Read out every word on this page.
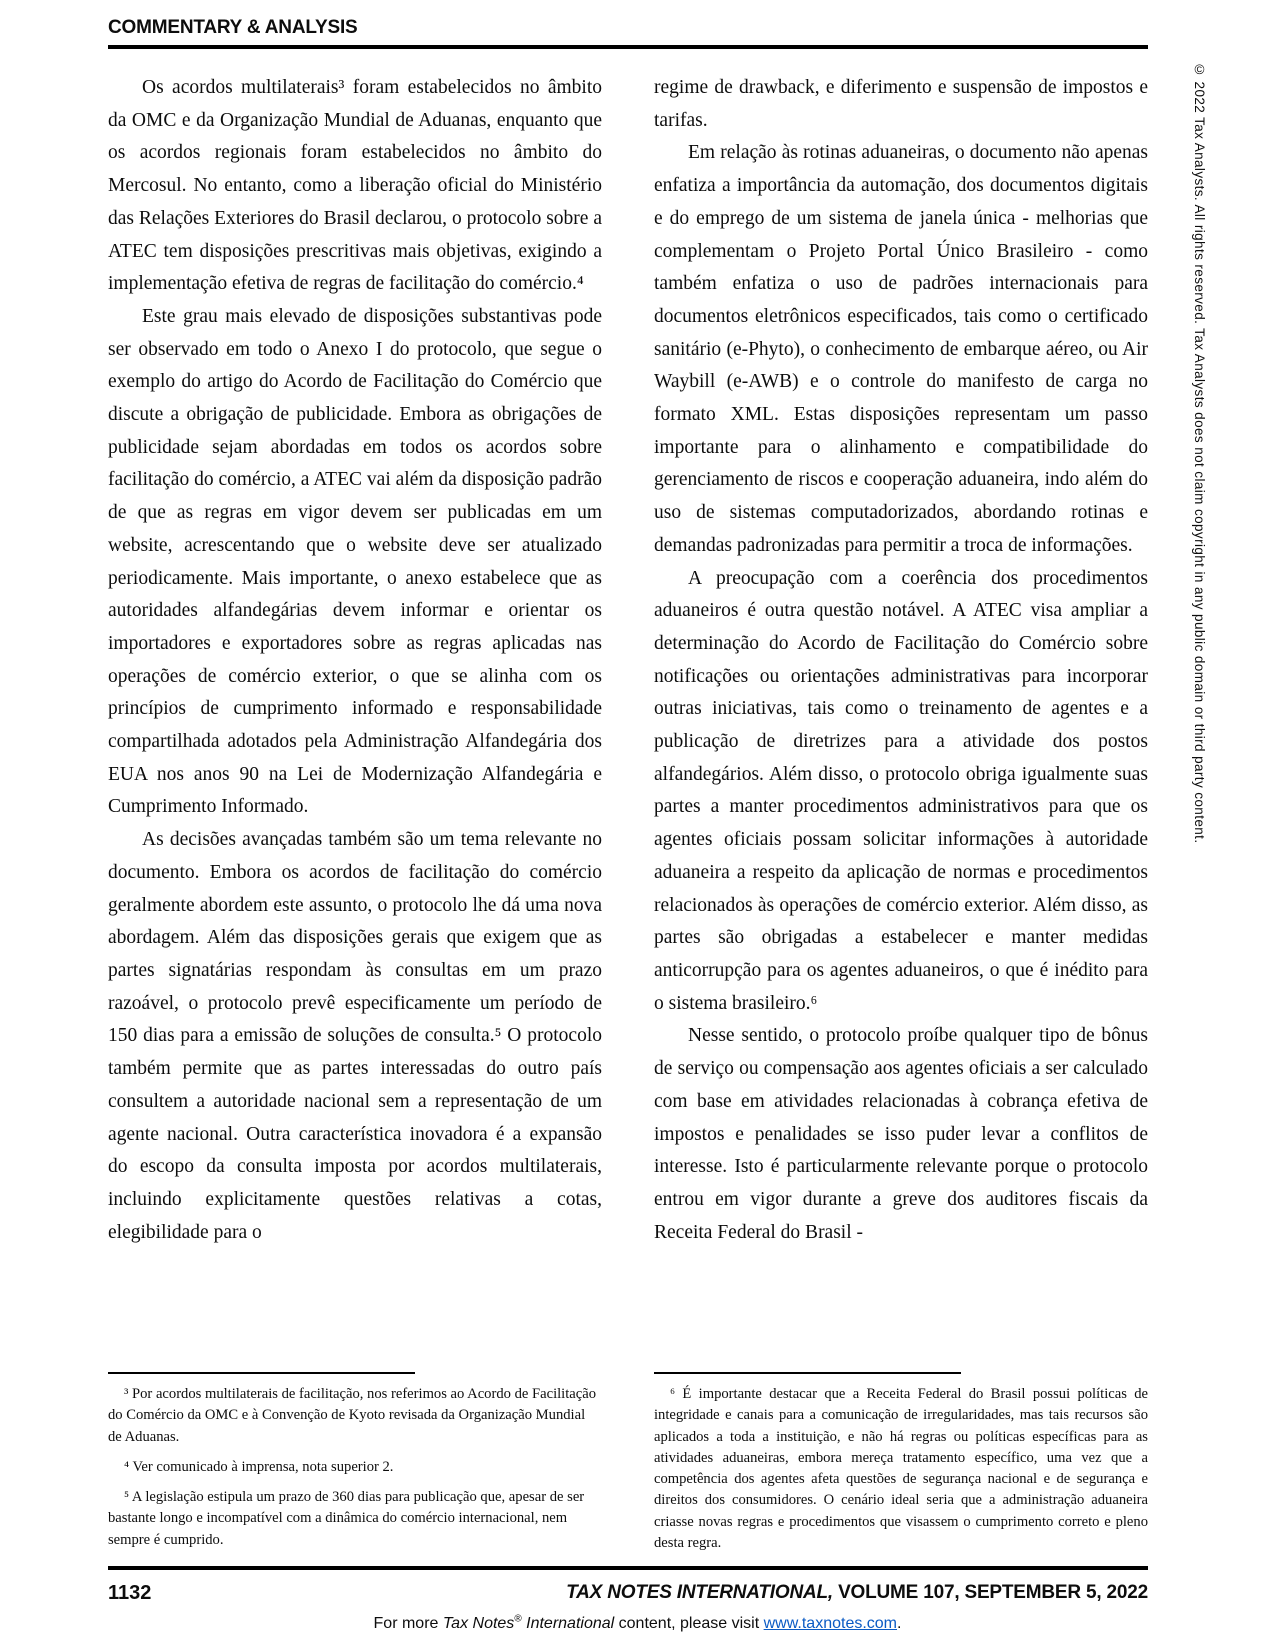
COMMENTARY & ANALYSIS

Os acordos multilaterais³ foram estabelecidos no âmbito da OMC e da Organização Mundial de Aduanas, enquanto que os acordos regionais foram estabelecidos no âmbito do Mercosul. No entanto, como a liberação oficial do Ministério das Relações Exteriores do Brasil declarou, o protocolo sobre a ATEC tem disposições prescritivas mais objetivas, exigindo a implementação efetiva de regras de facilitação do comércio.⁴

Este grau mais elevado de disposições substantivas pode ser observado em todo o Anexo I do protocolo, que segue o exemplo do artigo do Acordo de Facilitação do Comércio que discute a obrigação de publicidade. Embora as obrigações de publicidade sejam abordadas em todos os acordos sobre facilitação do comércio, a ATEC vai além da disposição padrão de que as regras em vigor devem ser publicadas em um website, acrescentando que o website deve ser atualizado periodicamente. Mais importante, o anexo estabelece que as autoridades alfandegárias devem informar e orientar os importadores e exportadores sobre as regras aplicadas nas operações de comércio exterior, o que se alinha com os princípios de cumprimento informado e responsabilidade compartilhada adotados pela Administração Alfandegária dos EUA nos anos 90 na Lei de Modernização Alfandegária e Cumprimento Informado.

As decisões avançadas também são um tema relevante no documento. Embora os acordos de facilitação do comércio geralmente abordem este assunto, o protocolo lhe dá uma nova abordagem. Além das disposições gerais que exigem que as partes signatárias respondam às consultas em um prazo razoável, o protocolo prevê especificamente um período de 150 dias para a emissão de soluções de consulta.⁵ O protocolo também permite que as partes interessadas do outro país consultem a autoridade nacional sem a representação de um agente nacional. Outra característica inovadora é a expansão do escopo da consulta imposta por acordos multilaterais, incluindo explicitamente questões relativas a cotas, elegibilidade para o

regime de drawback, e diferimento e suspensão de impostos e tarifas.

Em relação às rotinas aduaneiras, o documento não apenas enfatiza a importância da automação, dos documentos digitais e do emprego de um sistema de janela única - melhorias que complementam o Projeto Portal Único Brasileiro - como também enfatiza o uso de padrões internacionais para documentos eletrônicos especificados, tais como o certificado sanitário (e-Phyto), o conhecimento de embarque aéreo, ou Air Waybill (e-AWB) e o controle do manifesto de carga no formato XML. Estas disposições representam um passo importante para o alinhamento e compatibilidade do gerenciamento de riscos e cooperação aduaneira, indo além do uso de sistemas computadorizados, abordando rotinas e demandas padronizadas para permitir a troca de informações.

A preocupação com a coerência dos procedimentos aduaneiros é outra questão notável. A ATEC visa ampliar a determinação do Acordo de Facilitação do Comércio sobre notificações ou orientações administrativas para incorporar outras iniciativas, tais como o treinamento de agentes e a publicação de diretrizes para a atividade dos postos alfandegários. Além disso, o protocolo obriga igualmente suas partes a manter procedimentos administrativos para que os agentes oficiais possam solicitar informações à autoridade aduaneira a respeito da aplicação de normas e procedimentos relacionados às operações de comércio exterior. Além disso, as partes são obrigadas a estabelecer e manter medidas anticorrupção para os agentes aduaneiros, o que é inédito para o sistema brasileiro.⁶

Nesse sentido, o protocolo proíbe qualquer tipo de bônus de serviço ou compensação aos agentes oficiais a ser calculado com base em atividades relacionadas à cobrança efetiva de impostos e penalidades se isso puder levar a conflitos de interesse. Isto é particularmente relevante porque o protocolo entrou em vigor durante a greve dos auditores fiscais da Receita Federal do Brasil -

³ Por acordos multilaterais de facilitação, nos referimos ao Acordo de Facilitação do Comércio da OMC e à Convenção de Kyoto revisada da Organização Mundial de Aduanas.

⁴ Ver comunicado à imprensa, nota superior 2.

⁵ A legislação estipula um prazo de 360 dias para publicação que, apesar de ser bastante longo e incompatível com a dinâmica do comércio internacional, nem sempre é cumprido.

⁶ É importante destacar que a Receita Federal do Brasil possui políticas de integridade e canais para a comunicação de irregularidades, mas tais recursos são aplicados a toda a instituição, e não há regras ou políticas específicas para as atividades aduaneiras, embora mereça tratamento específico, uma vez que a competência dos agentes afeta questões de segurança nacional e de segurança e direitos dos consumidores. O cenário ideal seria que a administração aduaneira criasse novas regras e procedimentos que visassem o cumprimento correto e pleno desta regra.

1132	TAX NOTES INTERNATIONAL, VOLUME 107, SEPTEMBER 5, 2022
For more Tax Notes® International content, please visit www.taxnotes.com.
© 2022 Tax Analysts. All rights reserved. Tax Analysts does not claim copyright in any public domain or third party content.
